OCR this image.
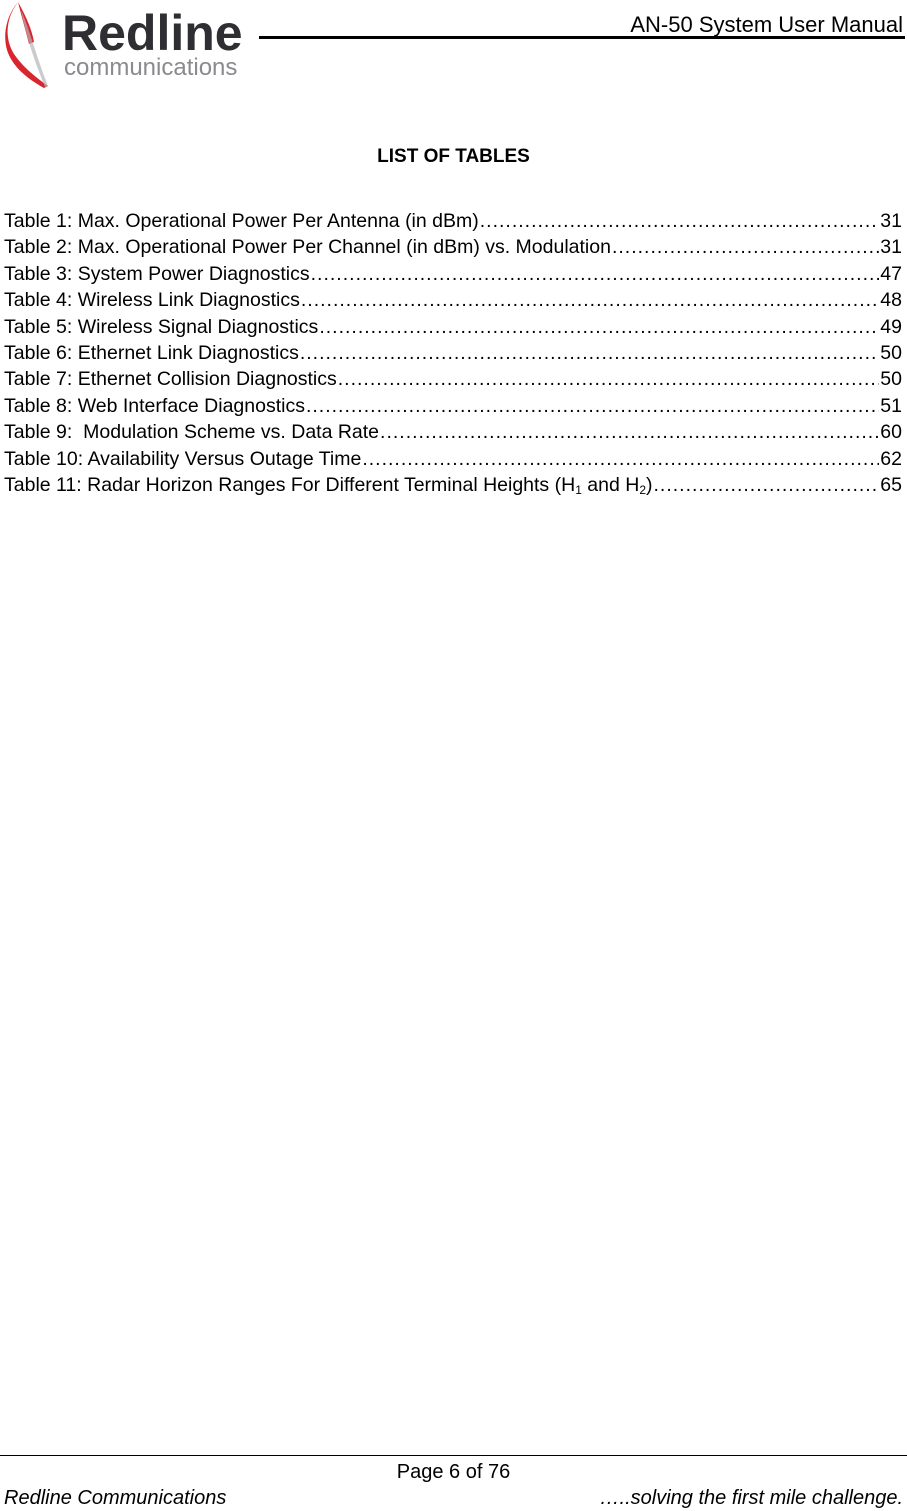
Redline
communications
AN-50 System User Manual
LIST OF TABLES
Table 1: Max. Operational Power Per Antenna (in dBm) .....	31
Table 2: Max. Operational Power Per Channel (in dBm) vs. Modulation .....	31
Table 3: System Power Diagnostics .....	47
Table 4: Wireless Link Diagnostics .....	48
Table 5: Wireless Signal Diagnostics .....	49
Table 6: Ethernet Link Diagnostics .....	50
Table 7: Ethernet Collision Diagnostics .....	50
Table 8: Web Interface Diagnostics .....	51
Table 9:  Modulation Scheme vs. Data Rate .....	60
Table 10: Availability Versus Outage Time .....	62
Table 11: Radar Horizon Ranges For Different Terminal Heights ($H_1$ and $H_2$) .....	65
Page 6 of 76
Redline Communications	…..solving the first mile challenge.
